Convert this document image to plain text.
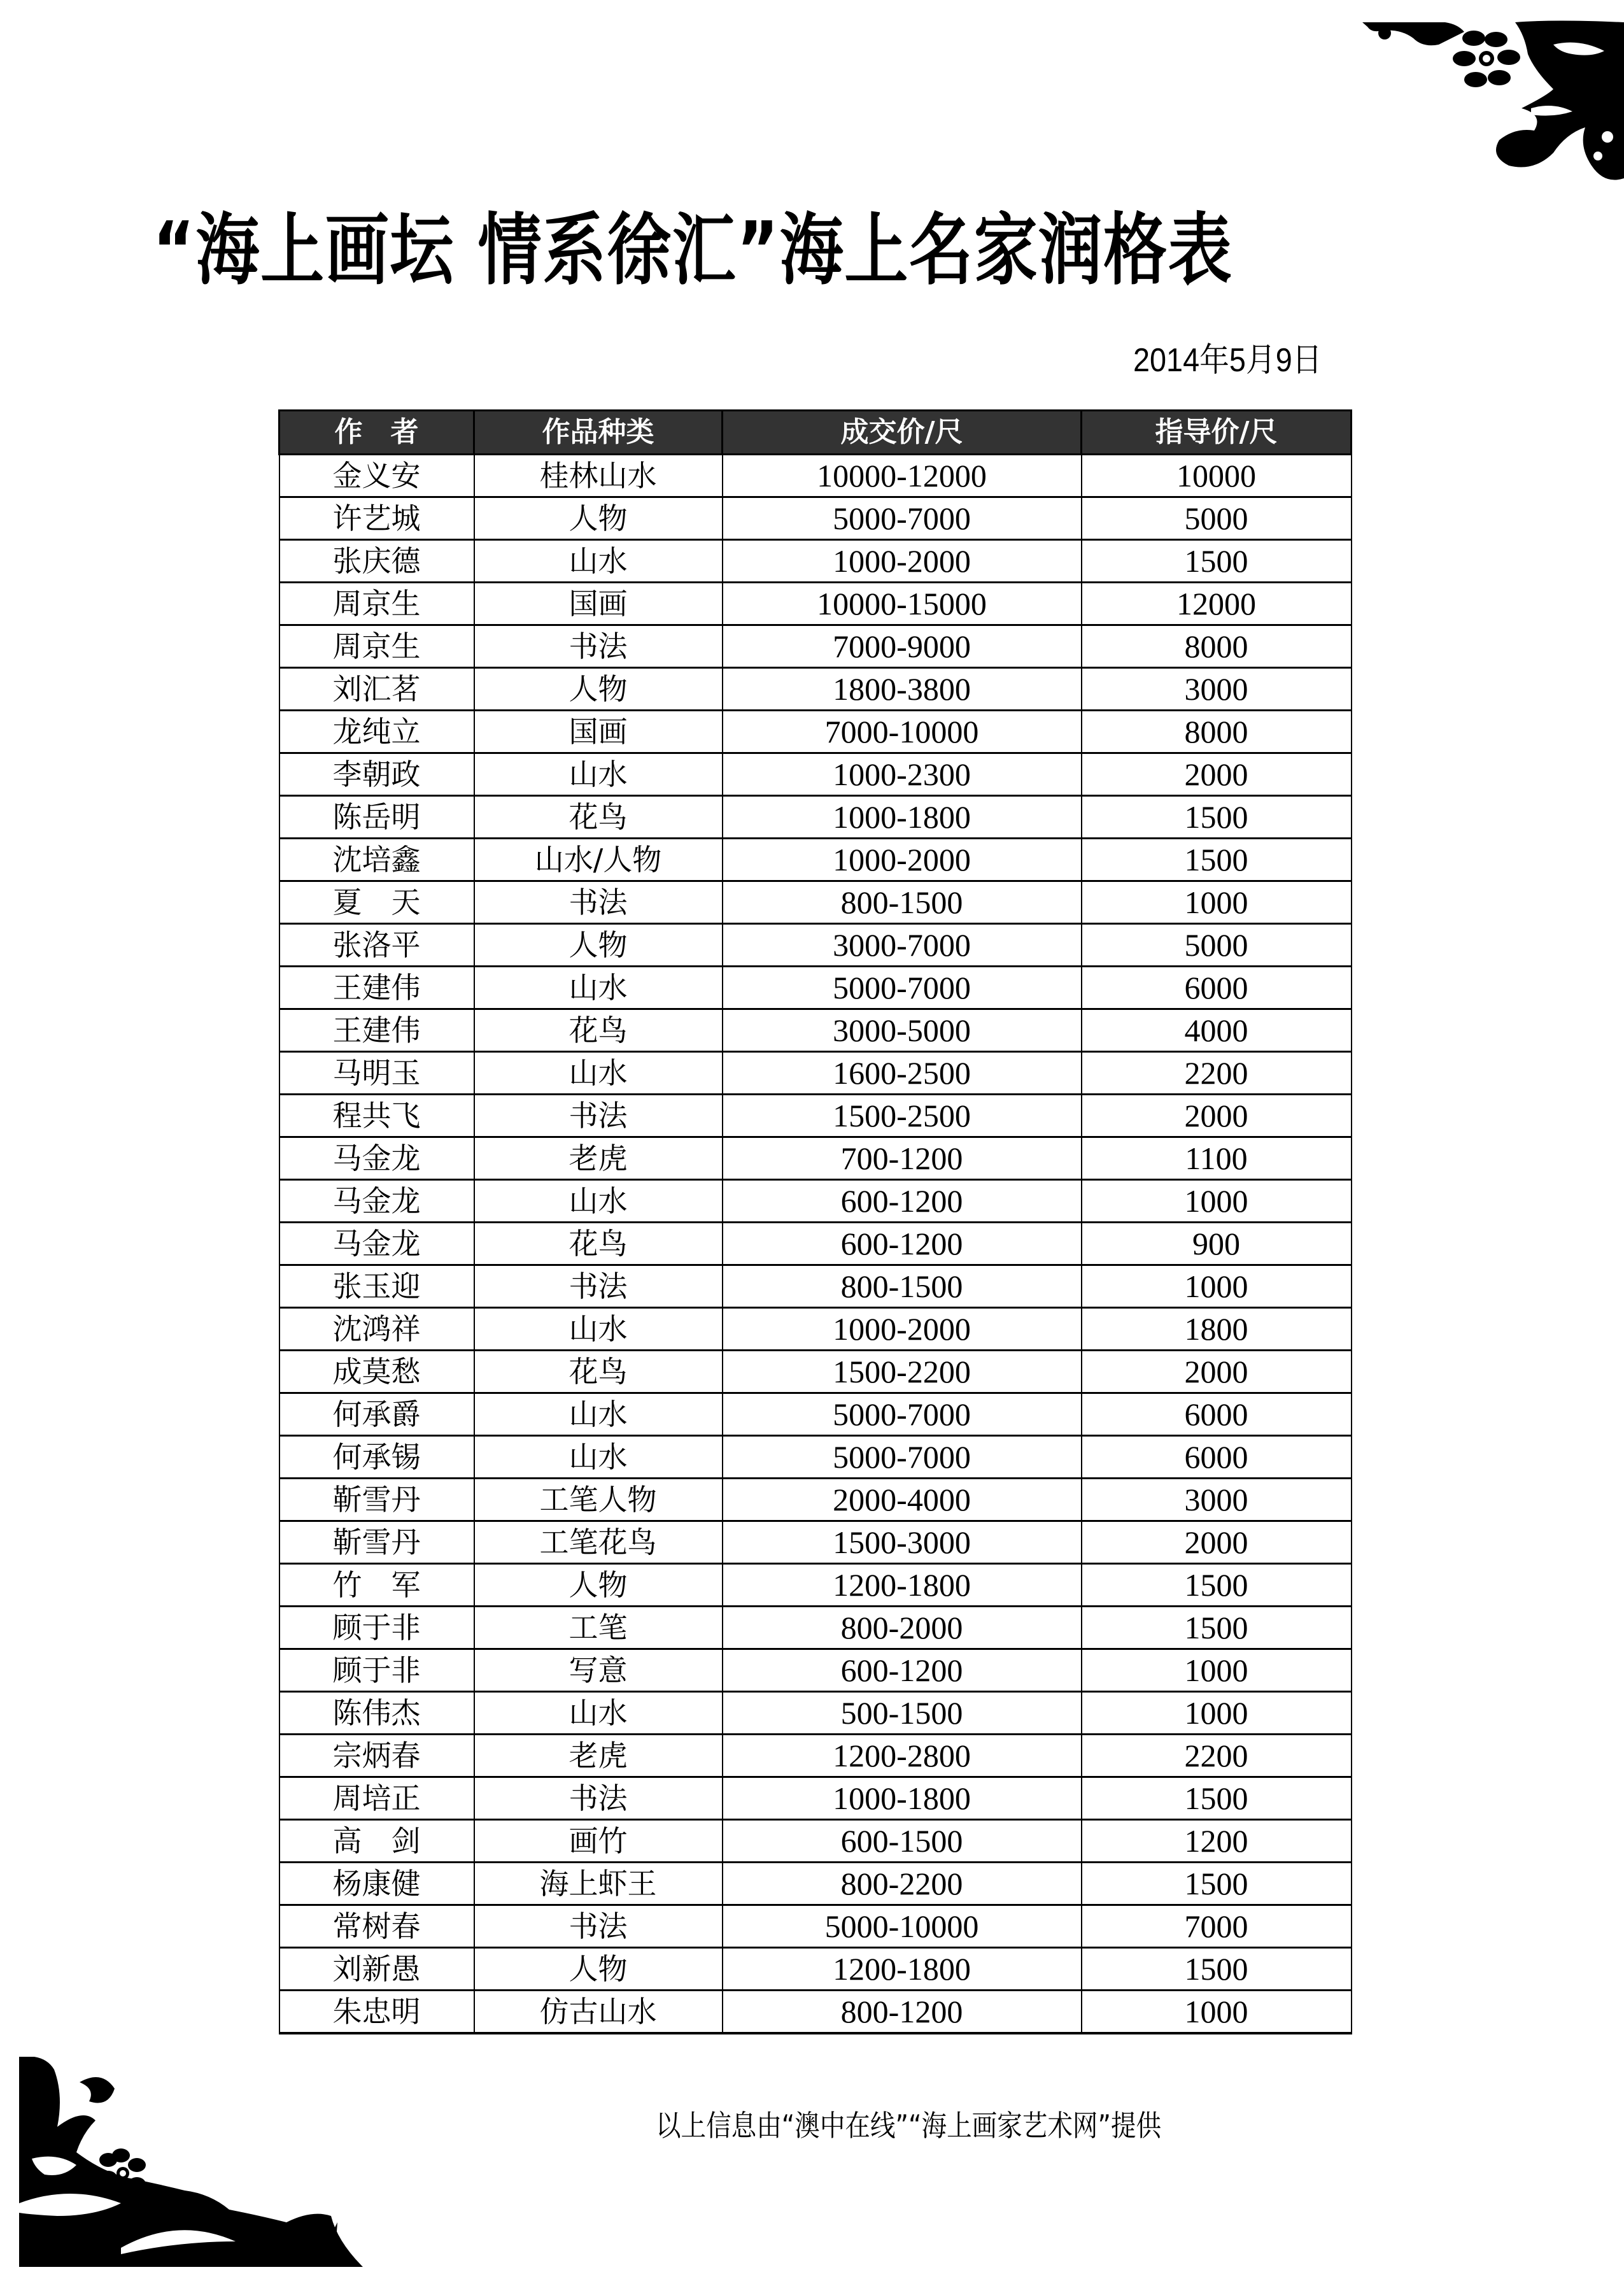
“海上画坛 情系徐汇”海上名家润格表
2014年5月9日
作　者	作品种类	成交价/尺	指导价/尺
金义安	桂林山水	10000-12000	10000
许艺城	人物	5000-7000	5000
张庆德	山水	1000-2000	1500
周京生	国画	10000-15000	12000
周京生	书法	7000-9000	8000
刘汇茗	人物	1800-3800	3000
龙纯立	国画	7000-10000	8000
李朝政	山水	1000-2300	2000
陈岳明	花鸟	1000-1800	1500
沈培鑫	山水/人物	1000-2000	1500
夏　天	书法	800-1500	1000
张洛平	人物	3000-7000	5000
王建伟	山水	5000-7000	6000
王建伟	花鸟	3000-5000	4000
马明玉	山水	1600-2500	2200
程共飞	书法	1500-2500	2000
马金龙	老虎	700-1200	1100
马金龙	山水	600-1200	1000
马金龙	花鸟	600-1200	900
张玉迎	书法	800-1500	1000
沈鸿祥	山水	1000-2000	1800
成莫愁	花鸟	1500-2200	2000
何承爵	山水	5000-7000	6000
何承锡	山水	5000-7000	6000
靳雪丹	工笔人物	2000-4000	3000
靳雪丹	工笔花鸟	1500-3000	2000
竹　军	人物	1200-1800	1500
顾于非	工笔	800-2000	1500
顾于非	写意	600-1200	1000
陈伟杰	山水	500-1500	1000
宗炳春	老虎	1200-2800	2200
周培正	书法	1000-1800	1500
高　剑	画竹	600-1500	1200
杨康健	海上虾王	800-2200	1500
常树春	书法	5000-10000	7000
刘新愚	人物	1200-1800	1500
朱忠明	仿古山水	800-1200	1000
以上信息由“澳中在线”“海上画家艺术网”提供
